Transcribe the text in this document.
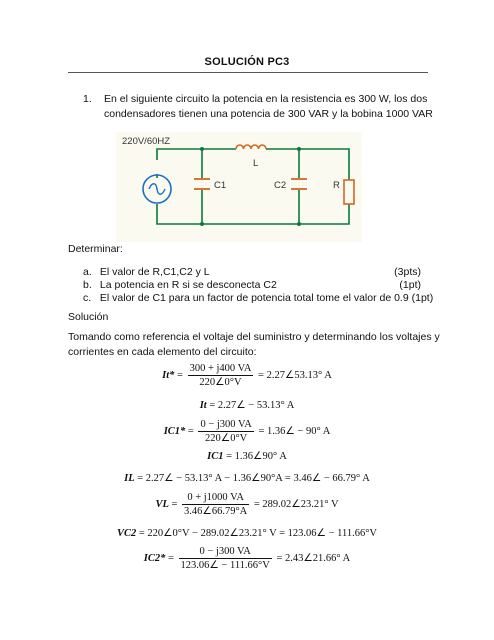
SOLUCIÓN PC3
1. En el siguiente circuito la potencia en la resistencia es 300 W, los dos
condensadores tienen una potencia de 300 VAR y la bobina 1000 VAR
220V/60HZ
L
C1	C2	R
Determinar:
a. El valor de R,C1,C2 y L	(3pts)
b. La potencia en R si se desconecta C2	(1pt)
c. El valor de C1 para un factor de potencia total tome el valor de 0.9 (1pt)
Solución
Tomando como referencia el voltaje del suministro y determinando los voltajes y
corrientes en cada elemento del circuito:
$It* = \frac{300 + j400 VA}{220\angle 0^\circ V}$ = 2.27∠53.13° A
It = 2.27∠ − 53.13° A
$IC1* = \frac{0 - j300 VA}{220\angle 0^\circ V}$ = 1.36∠ − 90° A
IC1 = 1.36∠90° A
IL = 2.27∠ − 53.13° A − 1.36∠90°A = 3.46∠ − 66.79° A
VL = $\frac{0 + j1000 VA}{3.46\angle 66.79^\circ A}$ = 289.02∠23.21° V
VC2 = 220∠0°V − 289.02∠23.21° V = 123.06∠ − 111.66°V
$IC2* = \frac{0 - j300 VA}{123.06\angle - 111.66^\circ V}$ = 2.43∠21.66° A
